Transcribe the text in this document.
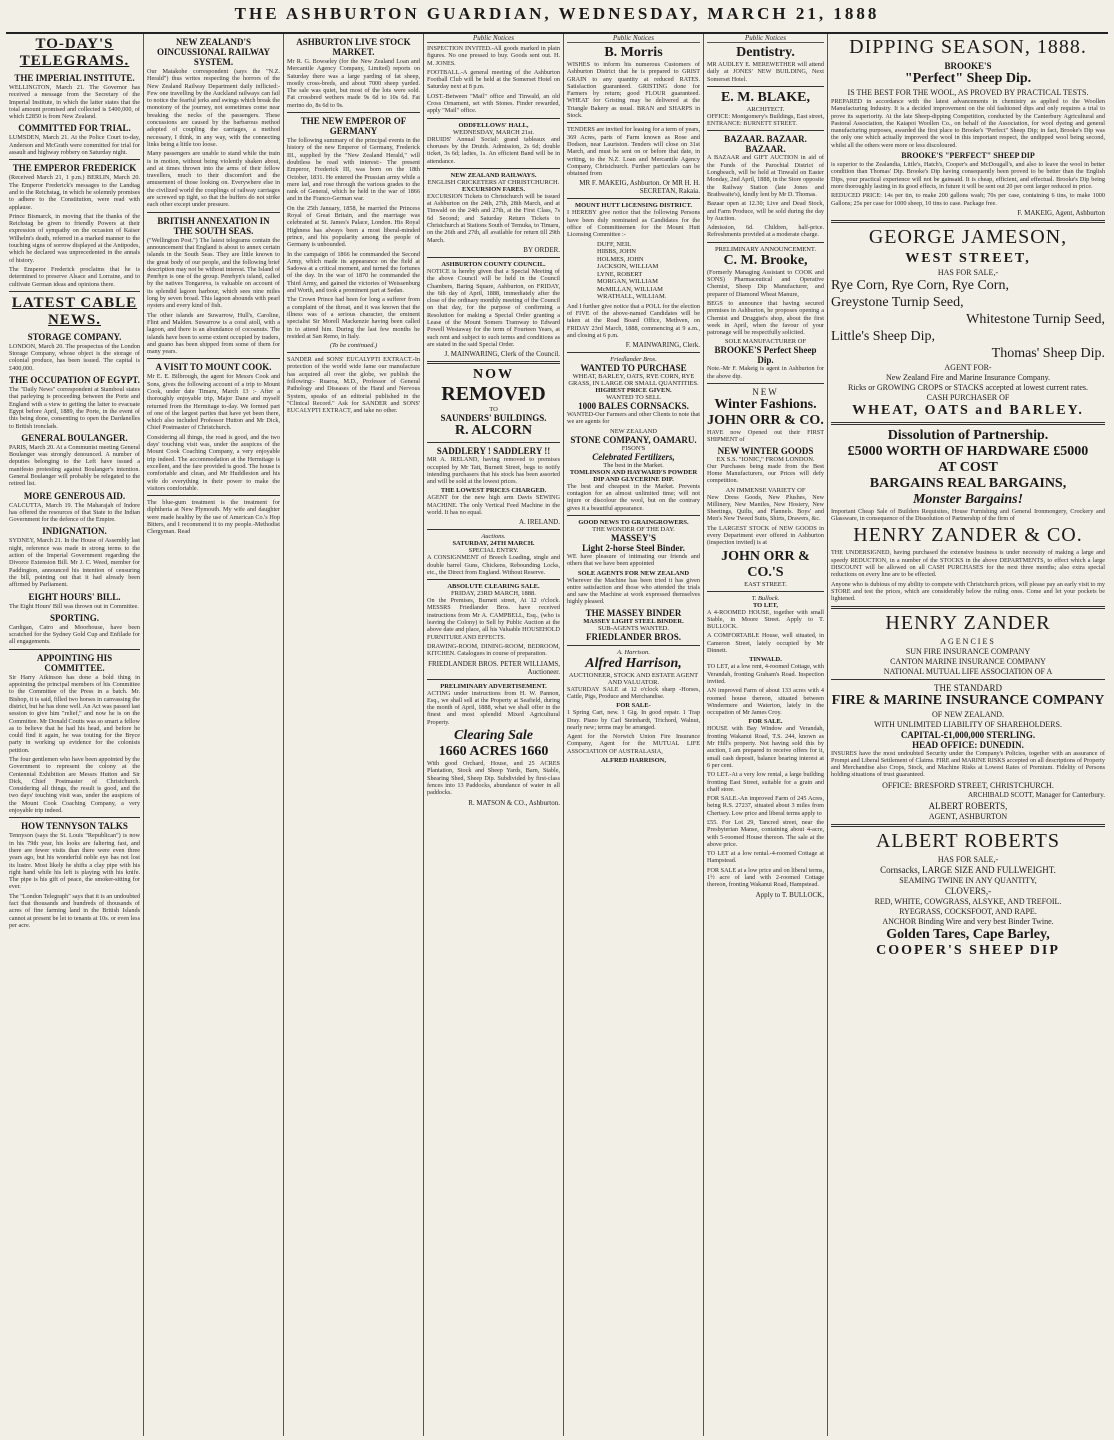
THE ASHBURTON GUARDIAN, WEDNESDAY, MARCH 21, 1888
TO-DAY'S TELEGRAMS.
THE IMPERIAL INSTITUTE.
WELLINGTON, March 21. The Governor has received a message from the Secretary of the Imperial Institute, in which the latter states that the total amount promised and collected is £400,000, of which £2850 is from New Zealand.
COMMITTED FOR TRIAL.
LUMSDEN, March 21. At the Police Court to-day, Anderson and McGrath were committed for trial for assault and highway robbery on Saturday night.
THE EMPEROR FREDERICK
(Received March 21, 1 p.m.) BERLIN, March 20. The Emperor Frederick's messages to the Landtag and to the Reichstag, in which he solemnly promises to adhere to the Constitution, were read with applause.
Prince Bismarck, in moving that the thanks of the Reichstag be given to friendly Powers at their expression of sympathy on the occasion of Kaiser Wilhelm's death, referred in a marked manner to the touching signs of sorrow displayed at the Antipodes, which he declared was unprecedented in the annals of history.
The Emperor Frederick proclaims that he is determined to preserve Alsace and Lorraine, and to cultivate German ideas and opinions there.
LATEST CABLE NEWS.
STORAGE COMPANY.
LONDON, March 20. The prospectus of the London Storage Company, whose object is the storage of colonial produce, has been issued. The capital is £400,000.
THE OCCUPATION OF EGYPT.
The "Daily News" correspondent at Stamboul states that parleying is proceeding between the Porte and England with a view to getting the latter to evacuate Egypt before April, 1889, the Porte, in the event of this being done, consenting to open the Dardanelles to British ironclads.
GENERAL BOULANGER.
PARIS, March 20. At a Communist meeting General Boulanger was strongly denounced. A number of deputies belonging to the Left have issued a manifesto protesting against Boulanger's intention. General Boulanger will probably be relegated to the retired list.
MORE GENEROUS AID.
CALCUTTA, March 19. The Maharajah of Indore has offered the resources of that State to the Indian Government for the defence of the Empire.
INDIGNATION.
SYDNEY, March 21. In the House of Assembly last night, reference was made in strong terms to the action of the Imperial Government regarding the Divorce Extension Bill. Mr J. C. Weed, member for Paddington, announced his intention of censuring the bill, pointing out that it had already been affirmed by Parliament.
EIGHT HOURS' BILL.
The Eight Hours' Bill was thrown out in Committee.
SPORTING.
Cardigan, Catro and Moorhouse, have been scratched for the Sydney Gold Cup and Enfilade for all engagements.
APPOINTING HIS COMMITTEE.
Sir Harry Atkinson has done a bold thing in appointing the principal members of his Committee to the Committee of the Press in a batch. Mr. Bishop, it is said, filled two horses in canvassing the district, but he has done well. An Act was passed last session to give him "relief," and now he is on the Committee. Mr Donald Coutts was so smart a fellow as to believe that he had his head, and before he could find it again, he was touting for the Bryce party in working up evidence for the colonists petition.
The four gentlemen who have been appointed by the Government to represent the colony at the Centennial Exhibition are Messrs Hutton and Sir Dick, Chief Postmaster of Christchurch. Considering all things, the result is good, and the two days' touching visit was, under the auspices of the Mount Cook Coaching Company, a very enjoyable trip indeed.
HOW TENNYSON TALKS
Tennyson (says the St. Louis "Republican") is now in his 79th year, his looks are faltering fast, and there are fewer visits than there were even three years ago, but his wonderful noble eye has not lost its lustre. Most likely he shifts a clay pipe with his right hand while his left is playing with his knife. The pipe is his gift of peace, the smoker-sitting for ever.
The "London Telegraph" says that it is an undoubted fact that thousands and hundreds of thousands of acres of fine farming land in the British Islands cannot at present be let to tenants at 10s. or even less per acre.
NEW ZEALAND'S OINCUSSIONAL RAILWAY SYSTEM.
Our Matakohe correspondent (says the "N.Z. Herald") thus writes respecting the horrors of the New Zealand Railway Department daily inflicted:- Few one travelling by the Auckland railways can fail to notice the fearful jerks and swings which break the monotony of the journey, not sometimes come near breaking the necks of the passengers. These concussions are caused by the barbarous method adopted of coupling the carriages, a method necessary, I think, in any way, with the connecting links being a little too loose.
Many passengers are unable to stand while the train is in motion, without being violently shaken about, and at times thrown into the arms of their fellow travellers, much to their discomfort and the amusement of those looking on. Everywhere else in the civilized world the couplings of railway carriages are screwed up tight, so that the buffers do not strike each other except under pressure.
BRITISH ANNEXATION IN THE SOUTH SEAS.
("Wellington Post.") The latest telegrams contain the announcement that England is about to annex certain islands in the South Seas. They are little known to the great body of our people, and the following brief description may not be without interest. The Island of Penrhyn is one of the group. Penrhyn's island, called by the natives Tongareva, is valuable on account of its splendid lagoon harbour, which sees nine miles long by seven broad. This lagoon abounds with pearl oysters and every kind of fish.
The other islands are Suwarrow, Hull's, Caroline, Flint and Malden. Suwarrow is a coral atoll, with a lagoon, and there is an abundance of cocoanuts. The islands have been to some extent occupied by traders, and guano has been shipped from some of them for many years.
A VISIT TO MOUNT COOK.
Mr E. E. Bilbrough, the agent for Messrs Cook and Sons, gives the following account of a trip to Mount Cook, under date Timaru, March 13 :- After a thoroughly enjoyable trip, Major Dane and myself returned from the Hermitage to-day. We formed part of one of the largest parties that have yet been there, which also included Professor Hutton and Mr Dick, Chief Postmaster of Christchurch.
Considering all things, the road is good, and the two days' touching visit was, under the auspices of the Mount Cook Coaching Company, a very enjoyable trip indeed. The accommodation at the Hermitage is excellent, and the fare provided is good. The house is comfortable and clean, and Mr Huddleston and his wife do everything in their power to make the visitors comfortable.
The blue-gum treatment is the treatment for diphtheria at New Plymouth. My wife and daughter were made healthy by the use of American Co.'s Hop Bitters, and I recommend it to my people.-Methodist Clergyman. Read
ASHBURTON LIVE STOCK MARKET.
Mr R. G. Bowseley (for the New Zealand Loan and Mercantile Agency Company, Limited) reports on Saturday there was a large yarding of fat sheep, mostly cross-breds, and about 7000 sheep yarded. The sale was quiet, but most of the lots were sold. Fat crossbred wethers made 9s 6d to 10s 6d. Fat merino do, 8s 6d to 9s.
THE NEW EMPEROR OF GERMANY
The following summary of the principal events in the history of the new Emperor of Germany, Frederick III., supplied by the "New Zealand Herald," will doubtless be read with interest:- The present Emperor, Frederick III, was born on the 18th October, 1831. He entered the Prussian army while a mere lad, and rose through the various grades to the rank of General, which he held in the war of 1866 and in the Franco-German war.
On the 25th January, 1858, he married the Princess Royal of Great Britain, and the marriage was celebrated at St. James's Palace, London. His Royal Highness has always been a most liberal-minded prince, and his popularity among the people of Germany is unbounded.
In the campaign of 1866 he commanded the Second Army, which made its appearance on the field at Sadowa at a critical moment, and turned the fortunes of the day. In the war of 1870 he commanded the Third Army, and gained the victories of Weissenburg and Worth, and took a prominent part at Sedan.
The Crown Prince had been for long a sufferer from a complaint of the throat, and it was known that the illness was of a serious character, the eminent specialist Sir Morell Mackenzie having been called in to attend him. During the last few months he resided at San Remo, in Italy.
(To be continued.)
SANDER and SONS' EUCALYPTI EXTRACT.-In protection of the world wide fame our manufacture has acquired all over the globe, we publish the following:- Ruaroa, M.D., Professor of General Pathology and Diseases of the Hand and Nervous System, speaks of an editorial published in the "Clinical Record." Ask for SANDER and SONS' EUCALYPTI EXTRACT, and take no other.
Public Notices
INSPECTION INVITED.-All goods marked in plain figures. No one pressed to buy. Goods sent out. H. M. JONES.
FOOTBALL.-A general meeting of the Ashburton Football Club will be held at the Somerset Hotel on Saturday next at 8 p.m.
LOST.-Between "Mail" office and Tinwald, an old Cross Ornament, set with Stones. Finder rewarded, apply "Mail" office.
ODDFELLOWS' HALL,
WEDNESDAY, MARCH 21st.
DRUIDS' Annual Social: grand tableaux and choruses by the Druids. Admission, 2s 6d; double ticket, 3s 6d; ladies, 1s. An efficient Band will be in attendance.
NEW ZEALAND RAILWAYS.
ENGLISH CRICKETERS AT CHRISTCHURCH.
EXCURSION FARES.
EXCURSION Tickets to Christchurch will be issued at Ashburton on the 24th, 27th, 28th March, and at Tinwald on the 24th and 27th, at the First Class, 7s 6d Second; and Saturday Return Tickets to Christchurch at Stations South of Temuka, to Timaru, on the 26th and 27th, all available for return till 29th March.
BY ORDER.
ASHBURTON COUNTY COUNCIL.
NOTICE is hereby given that a Special Meeting of the above Council will be held in the Council Chambers, Baring Square, Ashburton, on FRIDAY, the 6th day of April, 1888, immediately after the close of the ordinary monthly meeting of the Council on that day, for the purpose of confirming a Resolution for making a Special Order granting a Lease of the Mount Somers Tramway to Edward Powell Westaway for the term of Fourteen Years, at such rent and subject to such terms and conditions as are stated in the said Special Order.
J. MAINWARING, Clerk of the Council.
NOW
REMOVED
TO
SAUNDERS' BUILDINGS.
R. ALCORN
SADDLERY ! SADDLERY !!
MR A. IRELAND, having removed to premises occupied by Mr Tatt, Burnett Street, begs to notify intending purchasers that his stock has been assorted and will be sold at the lowest prices.
THE LOWEST PRICES CHARGED.
AGENT for the new high arm Davis SEWING MACHINE. The only Vertical Feed Machine in the world. It has no equal.
A. IRELAND.
Auctions.
SATURDAY, 24TH MARCH.
SPECIAL ENTRY.
A CONSIGNMENT of Breech Loading, single and double barrel Guns, Chickens, Rebounding Locks, etc., the Direct from England. Without Reserve.
ABSOLUTE CLEARING SALE.
FRIDAY, 23RD MARCH, 1888.
On the Premises, Burnett street, At 12 o'clock. MESSRS Friedlander Bros. have received instructions from Mr A. CAMPBELL, Esq., (who is leaving the Colony) to Sell by Public Auction at the above date and place, all his Valuable HOUSEHOLD FURNITURE AND EFFECTS.
DRAWING-ROOM, DINING-ROOM, BEDROOM, KITCHEN. Catalogues in course of preparation.
FRIEDLANDER BROS. PETER WILLIAMS, Auctioneer.
PRELIMINARY ADVERTISEMENT.
ACTING under instructions from H. W. Pannon, Esq., we shall sell at the Property at Seafield, during the month of April, 1888, what we shall offer in the finest and most splendid Mixed Agricultural Property.
Clearing Sale
1660 ACRES 1660
With good Orchard, House, and 25 ACRES Plantation, Stock and Sheep Yards, Barn, Stable, Shearing Shed, Sheep Dip. Subdivided by first-class fences into 13 Paddocks, abundance of water in all paddocks.
R. MATSON & CO., Ashburton.
Public Notices
B. Morris
WISHES to inform his numerous Customers of Ashburton District that he is prepared to GRIST GRAIN to any quantity at reduced RATES. Satisfaction guaranteed. GRISTING done for Farmers by return; good FLOUR guaranteed. WHEAT for Gristing may be delivered at the Triangle Bakery as usual. BRAN and SHARPS in Stock.
TENDERS are invited for leasing for a term of years, 369 Acres, parts of Farm known as Rose and Dodson, near Lauriston. Tenders will close on 31st March, and must be sent on or before that date, in writing, to the N.Z. Loan and Mercantile Agency Company, Christchurch. Further particulars can be obtained from
MR F. MAKEIG, Ashburton. Or MR H. H. SECRETAN, Rakaia.
MOUNT HUTT LICENSING DISTRICT.
I HEREBY give notice that the following Persons have been duly nominated as Candidates for the office of Committeemen for the Mount Hutt Licensing Committee :-
DUFF, NEIL
HIBBS, JOHN
HOLMES, JOHN
JACKSON, WILLIAM
LYNE, ROBERT
MORGAN, WILLIAM
McMILLAN, WILLIAM
WRATHALL, WILLIAM.
And I further give notice that a POLL for the election of FIVE of the above-named Candidates will be taken at the Road Board Office, Methven, on FRIDAY 23rd March, 1888, commencing at 9 a.m., and closing at 6 p.m.
F. MAINWARING, Clerk.
Friedlander Bros.
WANTED TO PURCHASE
WHEAT, BARLEY, OATS, RYE CORN, RYE GRASS, IN LARGE OR SMALL QUANTITIES.
HIGHEST PRICE GIVEN.
WANTED TO SELL
1000 BALES CORNSACKS.
WANTED-Our Farmers and other Clients to note that we are agents for
NEW ZEALAND
STONE COMPANY, OAMARU.
FISON'S
Celebrated Fertilizers,
The best in the Market.
TOMLINSON AND HAYWARD'S POWDER DIP AND GLYCERINE DIP.
The best and cheapest in the Market. Prevents contagion for an almost unlimited time; will not injure or discolour the wool, but on the contrary gives it a beautiful appearance.
GOOD NEWS TO GRAINGROWERS.
THE WONDER OF THE DAY.
MASSEY'S
Light 2-horse Steel Binder.
WE have pleasure of intimating our friends and others that we have been appointed
SOLE AGENTS FOR NEW ZEALAND
Wherever the Machine has been tried it has given entire satisfaction and those who attended the trials and saw the Machine at work expressed themselves highly pleased.
THE MASSEY BINDER
MASSEY LIGHT STEEL BINDER.
SUB-AGENTS WANTED.
FRIEDLANDER BROS.
A. Harrison.
Alfred Harrison,
AUCTIONEER, STOCK AND ESTATE AGENT AND VALUATOR.
SATURDAY SALE at 12 o'clock sharp -Horses, Cattle, Pigs, Produce and Merchandise.
FOR SALE-
1 Spring Cart, new. 1 Gig. In good repair. 1 Trap Dray. Piano by Carl Steinhardt, Trichord, Walnut, nearly new; terms may be arranged.
Agent for the Norwich Union Fire Insurance Company, Agent for the MUTUAL LIFE ASSOCIATION OF AUSTRALASIA,
ALFRED HARRISON,
Public Notices
Dentistry.
MR AUDLEY E. MEREWETHER will attend daily at JONES' NEW BUILDING, Next Somerset Hotel.
E. M. BLAKE,
ARCHITECT.
OFFICE: Montgomery's Buildings, East street, ENTRANCE: BURNETT STREET.
BAZAAR. BAZAAR. BAZAAR.
A BAZAAR and GIFT AUCTION in aid of the Funds of the Parochial District of Longbeach, will be held at Tinwald on Easter Monday, 2nd April, 1888, in the Store opposite the Railway Station (late Jones and Brathwaite's), kindly lent by Mr D. Thomas.
Bazaar open at 12.30; Live and Dead Stock, and Farm Produce, will be sold during the day by Auction.
Admission, 6d. Children, half-price. Refreshments provided at a moderate charge.
PRELIMINARY ANNOUNCEMENT.
C. M. Brooke,
(Formerly Managing Assistant to COOK and SONS) Pharmaceutical and Operative Chemist, Sheep Dip Manufacturer, and preparer of Diamond Wheat Manure,
BEGS to announce that having secured premises in Ashburton, he proposes opening a Chemist and Druggist's shop, about the first week in April, when the favour of your patronage will be respectfully solicited.
SOLE MANUFACTURER OF
BROOKE'S Perfect Sheep Dip.
Note.-Mr F. Makeig is agent in Ashburton for the above dip.
NEW
Winter Fashions.
JOHN ORR & CO.
HAVE now Opened out their FIRST SHIPMENT of
NEW WINTER GOODS
EX S.S. "IONIC," FROM LONDON.
Our Purchases being made from the Best Home Manufacturers, our Prices will defy competition.
AN IMMENSE VARIETY OF
New Dress Goods, New Plushes, New Millinery, New Mantles, New Hosiery, New Sheetings, Quilts, and Flannels. Boys' and Men's New Tweed Suits, Shirts, Drawers, &c.
The LARGEST STOCK of NEW GOODS in every Department ever offered in Ashburton (inspection invited) is at
JOHN ORR & CO.'S
EAST STREET.
T. Bullock.
TO LET,
A 4-ROOMED HOUSE, together with small Stable, in Moore Street. Apply to T. BULLOCK.
A COMFORTABLE House, well situated, in Cameron Street, lately occupied by Mr Dinnett.
TINWALD.
TO LET, at a low rent, 4-roomed Cottage, with Verandah, fronting Graham's Road. Inspection invited.
AN improved Farm of about 133 acres with 4 roomed house thereon, situated between Windermere and Waterton, lately in the occupation of Mr James Croy.
FOR SALE.
HOUSE with Bay Window and Verandah, fronting Wakanui Road, T.S. 244, known as Mr Hill's property. Not having sold this by auction, I am prepared to receive offers for it, small cash deposit, balance bearing interest at 6 per cent.
TO LET.-At a very low rental, a large building fronting East Street, suitable for a grain and chaff store.
FOR SALE.-An improved Farm of 245 Acres, being R.S. 27237, situated about 3 miles from Chertsey. Low price and liberal terms apply to
£55. For Lot 29, Tancred street, near the Presbyterian Manse, containing about 4-acre, with 5-roomed House thereon. The sale at the above price.
TO LET at a low rental.-4-roomed Cottage at Hampstead.
FOR SALE at a low price and on liberal terms, 1½ acre of land with 2-roomed Cottage thereon, fronting Wakanui Road, Hampstead.
Apply to T. BULLOCK,
DIPPING SEASON, 1888.
BROOKE'S
"Perfect" Sheep Dip.
IS THE BEST FOR THE WOOL, AS PROVED BY PRACTICAL TESTS.
PREPARED in accordance with the latest advancements in chemistry as applied to the Woollen Manufacturing Industry. It is a decided improvement on the old fashioned dips and only requires a trial to prove its superiority. At the late Sheep-dipping Competition, conducted by the Canterbury Agricultural and Pastoral Association, the Kaiapoi Woollen Co., on behalf of the Association, for wool dyeing and general manufacturing purposes, awarded the first place to Brooke's "Perfect" Sheep Dip; in fact, Brooke's Dip was the only one which actually improved the wool in this important respect, the undipped wool being second, whilst all the others were more or less discoloured.
BROOKE'S "PERFECT" SHEEP DIP
is superior to the Zealandia, Little's, Hatch's, Cooper's and McDougall's, and also to leave the wool in better condition than Thomas' Dip. Brooke's Dip having consequently been proved to be better than the English Dips, your practical experience will not be gainsaid. It is cheap, efficient, and effectual. Brooke's Dip being more thoroughly lasting in its good effects, in future it will be sent out 20 per cent larger reduced in price.
REDUCED PRICE: 14s per tin, to make 200 gallons wash; 70s per case, containing 6 tins, to make 1000 Gallons; 25s per case for 1000 sheep, 10 tins to case. Package free.
F. MAKEIG, Agent, Ashburton
GEORGE JAMESON,
WEST STREET,
HAS FOR SALE,-
Rye Corn, Rye Corn, Rye Corn,
Greystone Turnip Seed,
Whitestone Turnip Seed,
Little's Sheep Dip,
Thomas' Sheep Dip.
AGENT FOR-
New Zealand Fire and Marine Insurance Company.
Ricks or GROWING CROPS or STACKS accepted at lowest current rates.
CASH PURCHASER OF
WHEAT, OATS and BARLEY.
Dissolution of Partnership.
£5000 WORTH OF HARDWARE £5000
AT COST
BARGAINS REAL BARGAINS,
Monster Bargains!
Important Cheap Sale of Builders Requisites, House Furnishing and General Ironmongery, Crockery and Glassware, in consequence of the Dissolution of Partnership of the firm of
HENRY ZANDER & CO.
THE UNDERSIGNED, having purchased the extensive business is under necessity of making a large and speedy REDUCTION, in a number of the STOCKS in the above DEPARTMENTS, to effect which a large DISCOUNT will be allowed on all CASH PURCHASES for the next three months; also extra special reductions on every line are to be effected.
Anyone who is dubious of my ability to compete with Christchurch prices, will please pay an early visit to my STORE and test the prices, which are considerably below the ruling ones. Come and let your pockets be lightened.
HENRY ZANDER
AGENCIES
SUN FIRE INSURANCE COMPANY
CANTON MARINE INSURANCE COMPANY
NATIONAL MUTUAL LIFE ASSOCIATION OF A
THE STANDARD
FIRE & MARINE INSURANCE COMPANY
OF NEW ZEALAND.
WITH UNLIMITED LIABILITY OF SHAREHOLDERS.
CAPITAL-£1,000,000 STERLING.
HEAD OFFICE: DUNEDIN.
INSURES have the most undoubted Security under the Company's Policies, together with an assurance of Prompt and Liberal Settlement of Claims. FIRE and MARINE RISKS accepted on all descriptions of Property and Merchandise also Crops, Stock, and Machine Risks at Lowest Rates of Premium. Fidelity of Persons holding situations of trust guaranteed.
OFFICE: BRESFORD STREET, CHRISTCHURCH.
ARCHIBALD SCOTT, Manager for Canterbury.
ALBERT ROBERTS,
AGENT, ASHBURTON
ALBERT ROBERTS
HAS FOR SALE,-
Cornsacks, LARGE SIZE AND FULLWEIGHT.
SEAMING TWINE IN ANY QUANTITY,
CLOVERS,-
RED, WHITE, COWGRASS, ALSYKE, AND TREFOIL.
RYEGRASS, COCKSFOOT, AND RAPE.
ANCHOR Binding Wire and very best Binder Twine.
Golden Tares, Cape Barley,
COOPER'S SHEEP DIP
